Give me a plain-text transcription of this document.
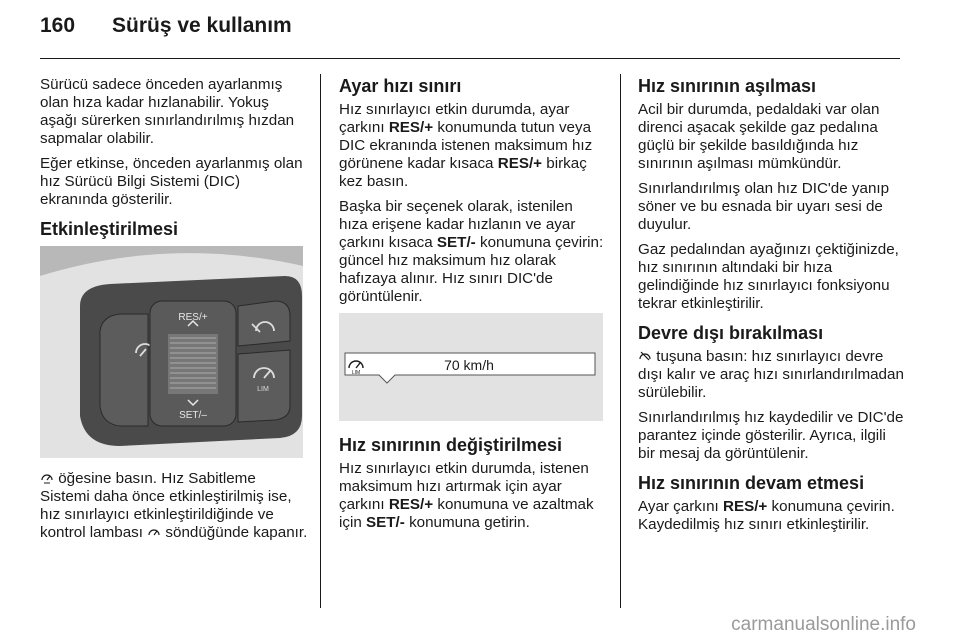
160 Sürüş ve kullanım

Sürücü sadece önceden ayarlanmış olan hıza kadar hızlanabilir. Yokuş aşağı sürerken sınırlandırılmış hızdan sapmalar olabilir.

Eğer etkinse, önceden ayarlanmış olan hız Sürücü Bilgi Sistemi (DIC) ekranında gösterilir.

Etkinleştirilmesi
RES/+
SET/–
LIM

öğesine basın. Hız Sabitleme Sistemi daha önce etkinleştirilmiş ise, hız sınırlayıcı etkinleştirildiğinde ve kontrol lambası  söndüğünde kapanır.

Ayar hızı sınırı

Hız sınırlayıcı etkin durumda, ayar çarkını RES/+ konumunda tutun veya DIC ekranında istenen maksimum hız görünene kadar kısaca RES/+ birkaç kez basın.

Başka bir seçenek olarak, istenilen hıza erişene kadar hızlanın ve ayar çarkını kısaca SET/- konumuna çevirin: güncel hız maksimum hız olarak hafızaya alınır. Hız sınırı DIC'de görüntülenir.

LIM	70 km/h
Hız sınırının değiştirilmesi

Hız sınırlayıcı etkin durumda, istenen maksimum hızı artırmak için ayar çarkını RES/+ konumuna ve azaltmak için SET/- konumuna getirin.

Hız sınırının aşılması

Acil bir durumda, pedaldaki var olan direnci aşacak şekilde gaz pedalına güçlü bir şekilde basıldığında hız sınırının aşılması mümkündür.

Sınırlandırılmış olan hız DIC'de yanıp söner ve bu esnada bir uyarı sesi de duyulur.

Gaz pedalından ayağınızı çektiğinizde, hız sınırının altındaki bir hıza gelindiğinde hız sınırlayıcı fonksiyonu tekrar etkinleştirilir.

Devre dışı bırakılması

tuşuna basın: hız sınırlayıcı devre dışı kalır ve araç hızı sınırlandırılmadan sürülebilir.

Sınırlandırılmış hız kaydedilir ve DIC'de parantez içinde gösterilir. Ayrıca, ilgili bir mesaj da görüntülenir.

Hız sınırının devam etmesi

Ayar çarkını RES/+ konumuna çevirin. Kaydedilmiş hız sınırı etkinleştirilir.

carmanualsonline.info
